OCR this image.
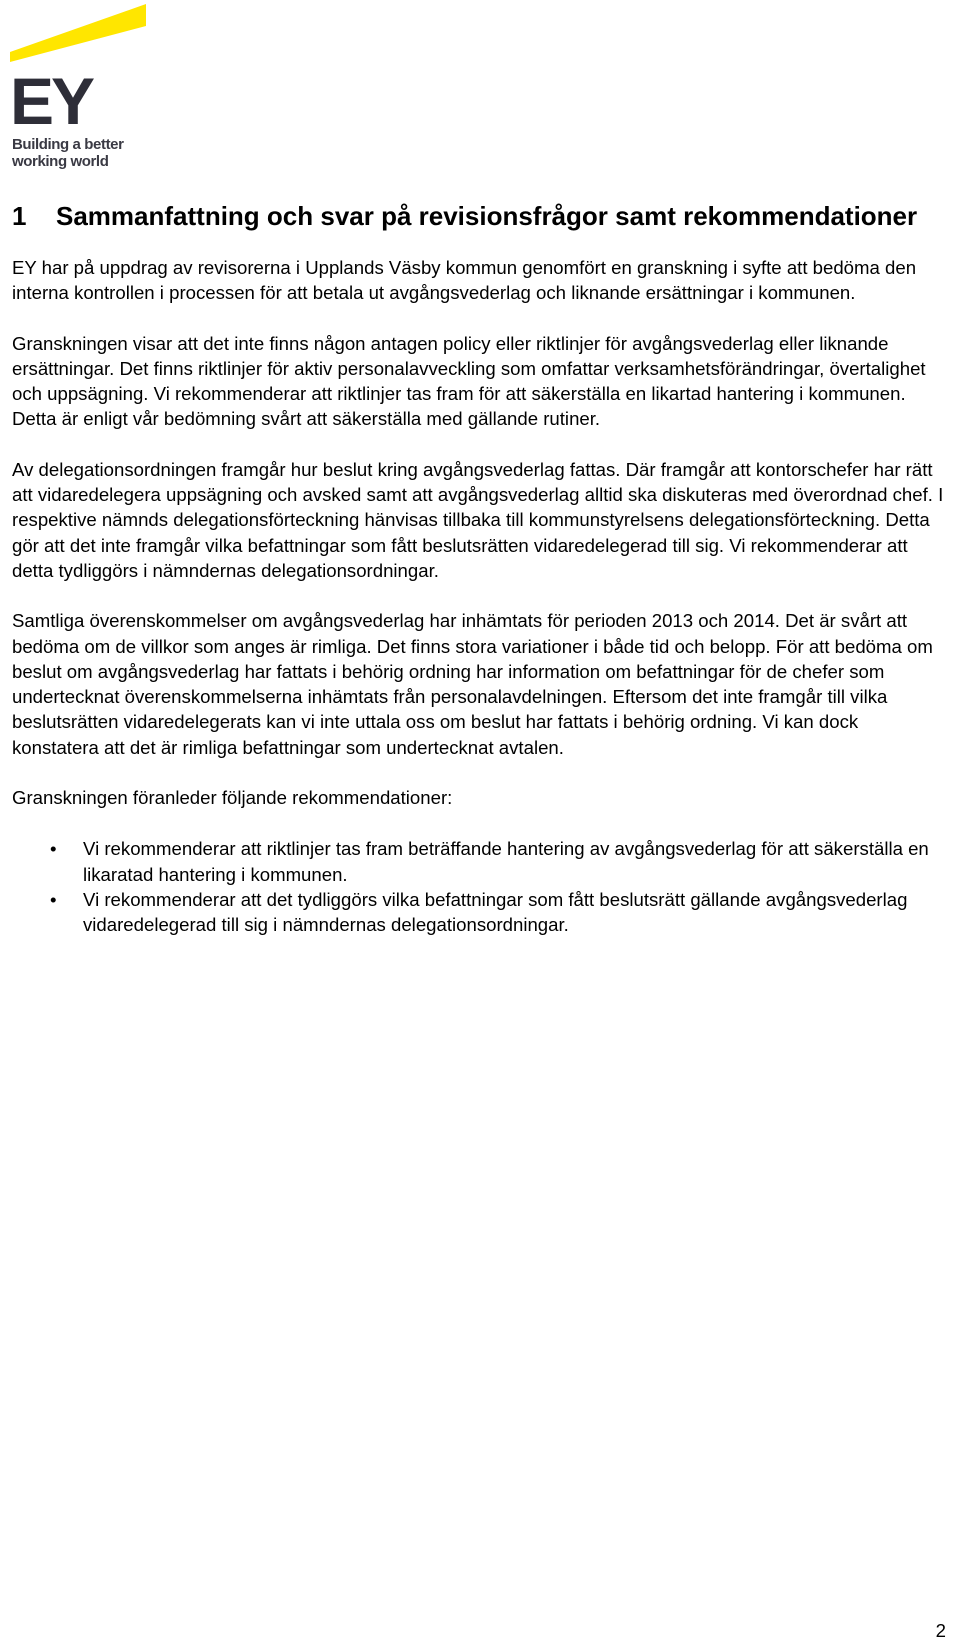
EY
Building a better
working world
1	Sammanfattning och svar på revisionsfrågor samt rekommendationer

EY har på uppdrag av revisorerna i Upplands Väsby kommun genomfört en granskning i syfte att bedöma den interna kontrollen i processen för att betala ut avgångsvederlag och liknande ersättningar i kommunen.

Granskningen visar att det inte finns någon antagen policy eller riktlinjer för avgångsvederlag eller liknande ersättningar. Det finns riktlinjer för aktiv personalavveckling som omfattar verksamhetsförändringar, övertalighet och uppsägning. Vi rekommenderar att riktlinjer tas fram för att säkerställa en likartad hantering i kommunen. Detta är enligt vår bedömning svårt att säkerställa med gällande rutiner.

Av delegationsordningen framgår hur beslut kring avgångsvederlag fattas. Där framgår att kontorschefer har rätt att vidaredelegera uppsägning och avsked samt att avgångsvederlag alltid ska diskuteras med överordnad chef. I respektive nämnds delegationsförteckning hänvisas tillbaka till kommunstyrelsens delegationsförteckning. Detta gör att det inte framgår vilka befattningar som fått beslutsrätten vidaredelegerad till sig. Vi rekommenderar att detta tydliggörs i nämndernas delegationsordningar.

Samtliga överenskommelser om avgångsvederlag har inhämtats för perioden 2013 och 2014. Det är svårt att bedöma om de villkor som anges är rimliga. Det finns stora variationer i både tid och belopp. För att bedöma om beslut om avgångsvederlag har fattats i behörig ordning har information om befattningar för de chefer som undertecknat överenskommelserna inhämtats från personalavdelningen. Eftersom det inte framgår till vilka beslutsrätten vidaredelegerats kan vi inte uttala oss om beslut har fattats i behörig ordning. Vi kan dock konstatera att det är rimliga befattningar som undertecknat avtalen.

Granskningen föranleder följande rekommendationer:

•	Vi rekommenderar att riktlinjer tas fram beträffande hantering av avgångsvederlag för att säkerställa en likaratad hantering i kommunen.
•	Vi rekommenderar att det tydliggörs vilka befattningar som fått beslutsrätt gällande avgångsvederlag vidaredelegerad till sig i nämndernas delegationsordningar.
2
